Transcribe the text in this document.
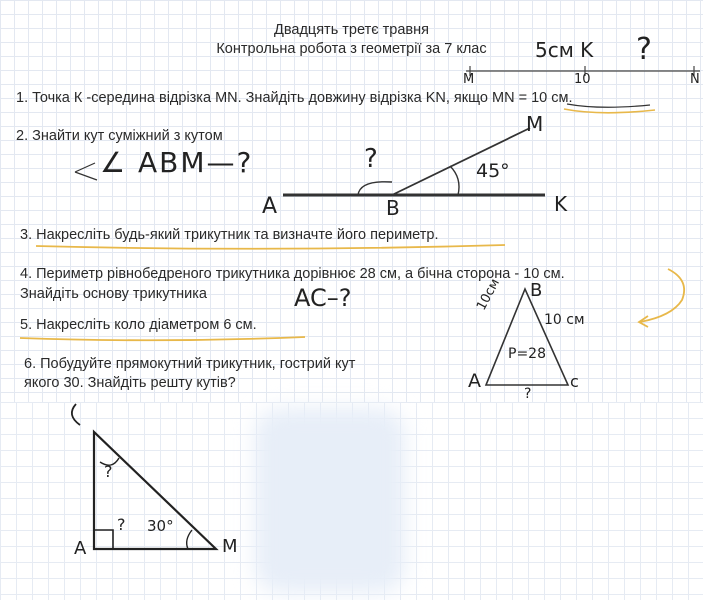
Двадцять третє травня
Контрольна робота з геометрії за 7 клас
1. Точка К -середина відрізка MN. Знайдіть довжину відрізка KN, якщо MN = 10 см.
2. Знайти кут суміжний з кутом
3. Накресліть будь-який трикутник та визначте його периметр.
4. Периметр рівнобедреного трикутника дорівнює 28 см, а бічна сторона - 10 см.
Знайдіть основу трикутника
5. Накресліть коло діаметром 6 см.
6. Побудуйте прямокутний трикутник, гострий кут
якого 30. Знайдіть решту кутів?
5см K ?
M	10	N
∠ ABM—?	?	45°
M
A	B	K
AC–?	B
A	c
10см
10 см
P=28
?
?
? 30°
A	M
